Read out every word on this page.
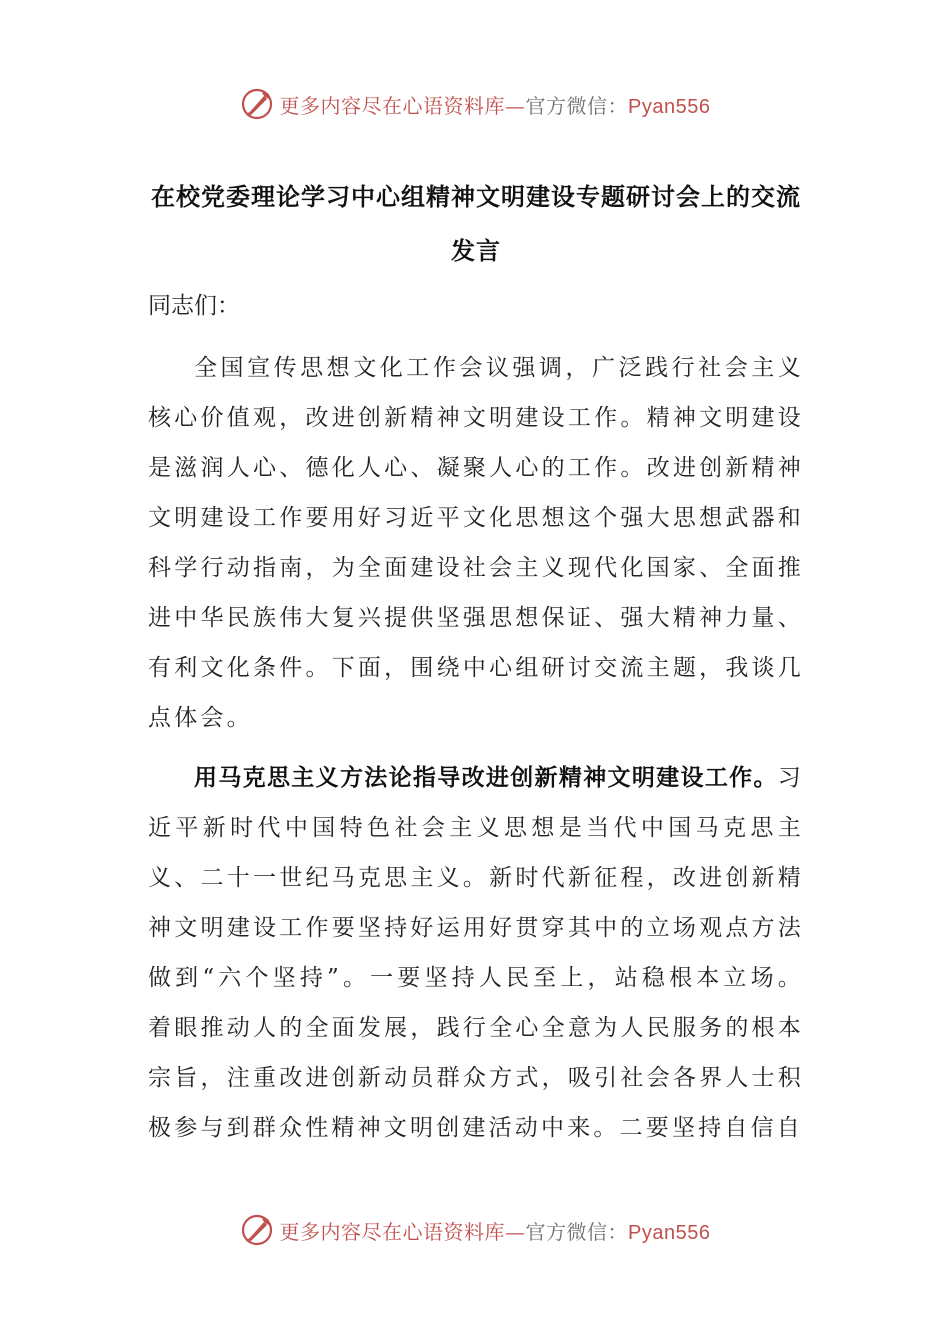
更多内容尽在心语资料库—官方微信：Pyan556
在校党委理论学习中心组精神文明建设专题研讨会上的交流发言
同志们：

全国宣传思想文化工作会议强调，广泛践行社会主义核心价值观，改进创新精神文明建设工作。精神文明建设是滋润人心、德化人心、凝聚人心的工作。改进创新精神文明建设工作要用好习近平文化思想这个强大思想武器和科学行动指南，为全面建设社会主义现代化国家、全面推进中华民族伟大复兴提供坚强思想保证、强大精神力量、有利文化条件。下面，围绕中心组研讨交流主题，我谈几点体会。

用马克思主义方法论指导改进创新精神文明建设工作。习近平新时代中国特色社会主义思想是当代中国马克思主义、二十一世纪马克思主义。新时代新征程，改进创新精神文明建设工作要坚持好运用好贯穿其中的立场观点方法做到“六个坚持”。一要坚持人民至上，站稳根本立场。着眼推动人的全面发展，践行全心全意为人民服务的根本宗旨，注重改进创新动员群众方式，吸引社会各界人士积极参与到群众性精神文明创建活动中来。二要坚持自信自

更多内容尽在心语资料库—官方微信：Pyan556
